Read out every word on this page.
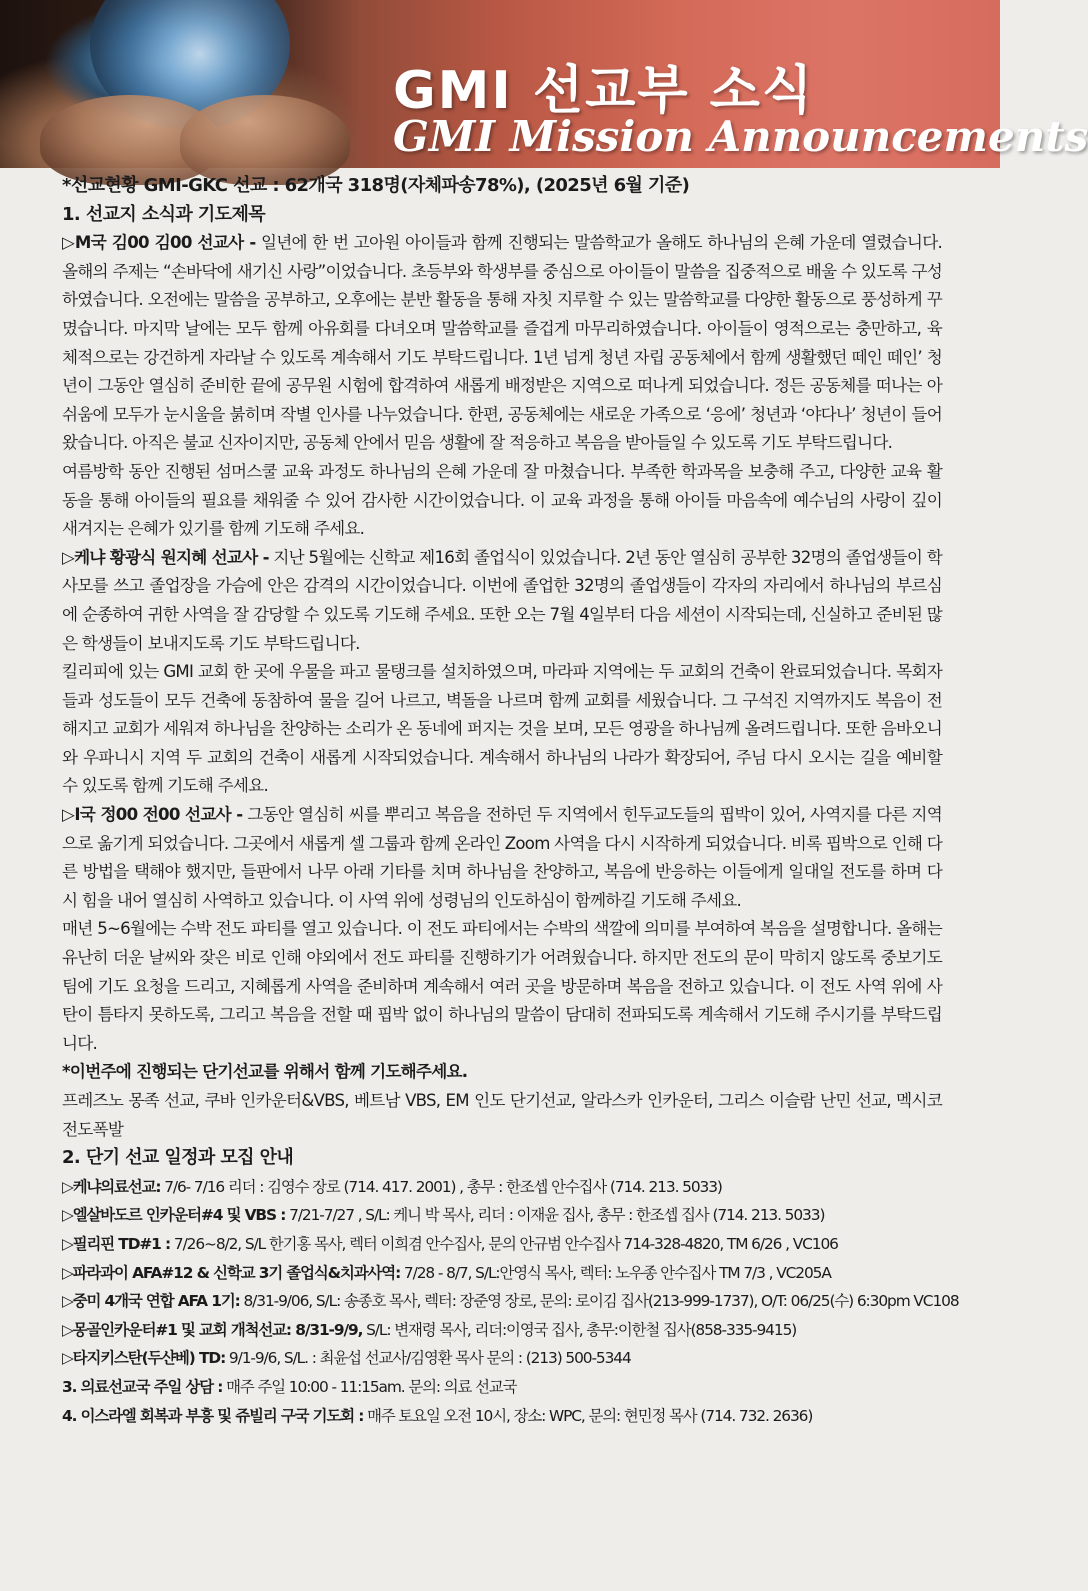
GMI 선교부 소식
GMI Mission Announcements

*선교현황 GMI-GKC 선교 : 62개국 318명(자체파송78%), (2025년 6월 기준)

1. 선교지 소식과 기도제목

▷M국 김00 김00 선교사 - 일년에 한 번 고아원 아이들과 함께 진행되는 말씀학교가 올해도 하나님의 은혜 가운데 열렸습니다. 올해의 주제는 “손바닥에 새기신 사랑”이었습니다. 초등부와 학생부를 중심으로 아이들이 말씀을 집중적으로 배울 수 있도록 구성하였습니다. 오전에는 말씀을 공부하고, 오후에는 분반 활동을 통해 자칫 지루할 수 있는 말씀학교를 다양한 활동으로 풍성하게 꾸몄습니다. 마지막 날에는 모두 함께 아유회를 다녀오며 말씀학교를 즐겁게 마무리하였습니다. 아이들이 영적으로는 충만하고, 육체적으로는 강건하게 자라날 수 있도록 계속해서 기도 부탁드립니다. 1년 넘게 청년 자립 공동체에서 함께 생활했던 떼인 떼인’ 청년이 그동안 열심히 준비한 끝에 공무원 시험에 합격하여 새롭게 배정받은 지역으로 떠나게 되었습니다. 정든 공동체를 떠나는 아쉬움에 모두가 눈시울을 붉히며 작별 인사를 나누었습니다. 한편, 공동체에는 새로운 가족으로 ‘응에’ 청년과 ‘야다나’ 청년이 들어왔습니다. 아직은 불교 신자이지만, 공동체 안에서 믿음 생활에 잘 적응하고 복음을 받아들일 수 있도록 기도 부탁드립니다.

여름방학 동안 진행된 섬머스쿨 교육 과정도 하나님의 은혜 가운데 잘 마쳤습니다. 부족한 학과목을 보충해 주고, 다양한 교육 활동을 통해 아이들의 필요를 채워줄 수 있어 감사한 시간이었습니다. 이 교육 과정을 통해 아이들 마음속에 예수님의 사랑이 깊이 새겨지는 은혜가 있기를 함께 기도해 주세요.

▷케냐 황광식 원지혜 선교사 - 지난 5월에는 신학교 제16회 졸업식이 있었습니다. 2년 동안 열심히 공부한 32명의 졸업생들이 학사모를 쓰고 졸업장을 가슴에 안은 감격의 시간이었습니다. 이번에 졸업한 32명의 졸업생들이 각자의 자리에서 하나님의 부르심에 순종하여 귀한 사역을 잘 감당할 수 있도록 기도해 주세요. 또한 오는 7월 4일부터 다음 세션이 시작되는데, 신실하고 준비된 많은 학생들이 보내지도록 기도 부탁드립니다.

킬리피에 있는 GMI 교회 한 곳에 우물을 파고 물탱크를 설치하였으며, 마라파 지역에는 두 교회의 건축이 완료되었습니다. 목회자들과 성도들이 모두 건축에 동참하여 물을 길어 나르고, 벽돌을 나르며 함께 교회를 세웠습니다. 그 구석진 지역까지도 복음이 전해지고 교회가 세워져 하나님을 찬양하는 소리가 온 동네에 퍼지는 것을 보며, 모든 영광을 하나님께 올려드립니다. 또한 음바오니와 우파니시 지역 두 교회의 건축이 새롭게 시작되었습니다. 계속해서 하나님의 나라가 확장되어, 주님 다시 오시는 길을 예비할 수 있도록 함께 기도해 주세요.

▷I국 정00 전00 선교사 - 그동안 열심히 씨를 뿌리고 복음을 전하던 두 지역에서 힌두교도들의 핍박이 있어, 사역지를 다른 지역으로 옮기게 되었습니다. 그곳에서 새롭게 셀 그룹과 함께 온라인 Zoom 사역을 다시 시작하게 되었습니다. 비록 핍박으로 인해 다른 방법을 택해야 했지만, 들판에서 나무 아래 기타를 치며 하나님을 찬양하고, 복음에 반응하는 이들에게 일대일 전도를 하며 다시 힘을 내어 열심히 사역하고 있습니다. 이 사역 위에 성령님의 인도하심이 함께하길 기도해 주세요.

매년 5~6월에는 수박 전도 파티를 열고 있습니다. 이 전도 파티에서는 수박의 색깔에 의미를 부여하여 복음을 설명합니다. 올해는 유난히 더운 날씨와 잦은 비로 인해 야외에서 전도 파티를 진행하기가 어려웠습니다. 하지만 전도의 문이 막히지 않도록 중보기도팀에 기도 요청을 드리고, 지혜롭게 사역을 준비하며 계속해서 여러 곳을 방문하며 복음을 전하고 있습니다. 이 전도 사역 위에 사탄이 틈타지 못하도록, 그리고 복음을 전할 때 핍박 없이 하나님의 말씀이 담대히 전파되도록 계속해서 기도해 주시기를 부탁드립니다.

*이번주에 진행되는 단기선교를 위해서 함께 기도해주세요.

프레즈노 몽족 선교, 쿠바 인카운터&VBS, 베트남 VBS, EM 인도 단기선교, 알라스카 인카운터, 그리스 이슬람 난민 선교, 멕시코 전도폭발

2. 단기 선교 일정과 모집 안내

▷케냐의료선교: 7/6- 7/16 리더 : 김영수 장로 (714. 417. 2001) , 총무 : 한조셉 안수집사 (714. 213. 5033)

▷엘살바도르 인카운터#4 및 VBS : 7/21-7/27 , S/L: 케니 박 목사, 리더 : 이재윤 집사, 총무 : 한조셉 집사 (714. 213. 5033)

▷필리핀 TD#1 : 7/26~8/2, S/L 한기홍 목사, 렉터 이희겸 안수집사, 문의 안규범 안수집사 714-328-4820, TM 6/26 , VC106

▷파라과이 AFA#12 & 신학교 3기 졸업식&치과사역: 7/28 - 8/7, S/L:안영식 목사, 렉터: 노우종 안수집사 TM 7/3 , VC205A

▷중미 4개국 연합 AFA 1기: 8/31-9/06, S/L: 송종호 목사, 렉터: 장준영 장로, 문의: 로이김 집사(213-999-1737), O/T: 06/25(수) 6:30pm VC108

▷몽골인카운터#1 및 교회 개척선교: 8/31-9/9, S/L: 변재령 목사, 리더:이영국 집사, 총무:이한철 집사(858-335-9415)

▷타지키스탄(두샨베) TD: 9/1-9/6, S/L. : 최윤섭 선교사/김영환 목사 문의 : (213) 500-5344

3. 의료선교국 주일 상담 : 매주 주일 10:00 - 11:15am. 문의: 의료 선교국

4. 이스라엘 회복과 부흥 및 쥬빌리 구국 기도회 : 매주 토요일 오전 10시, 장소: WPC, 문의: 현민정 목사 (714. 732. 2636)
